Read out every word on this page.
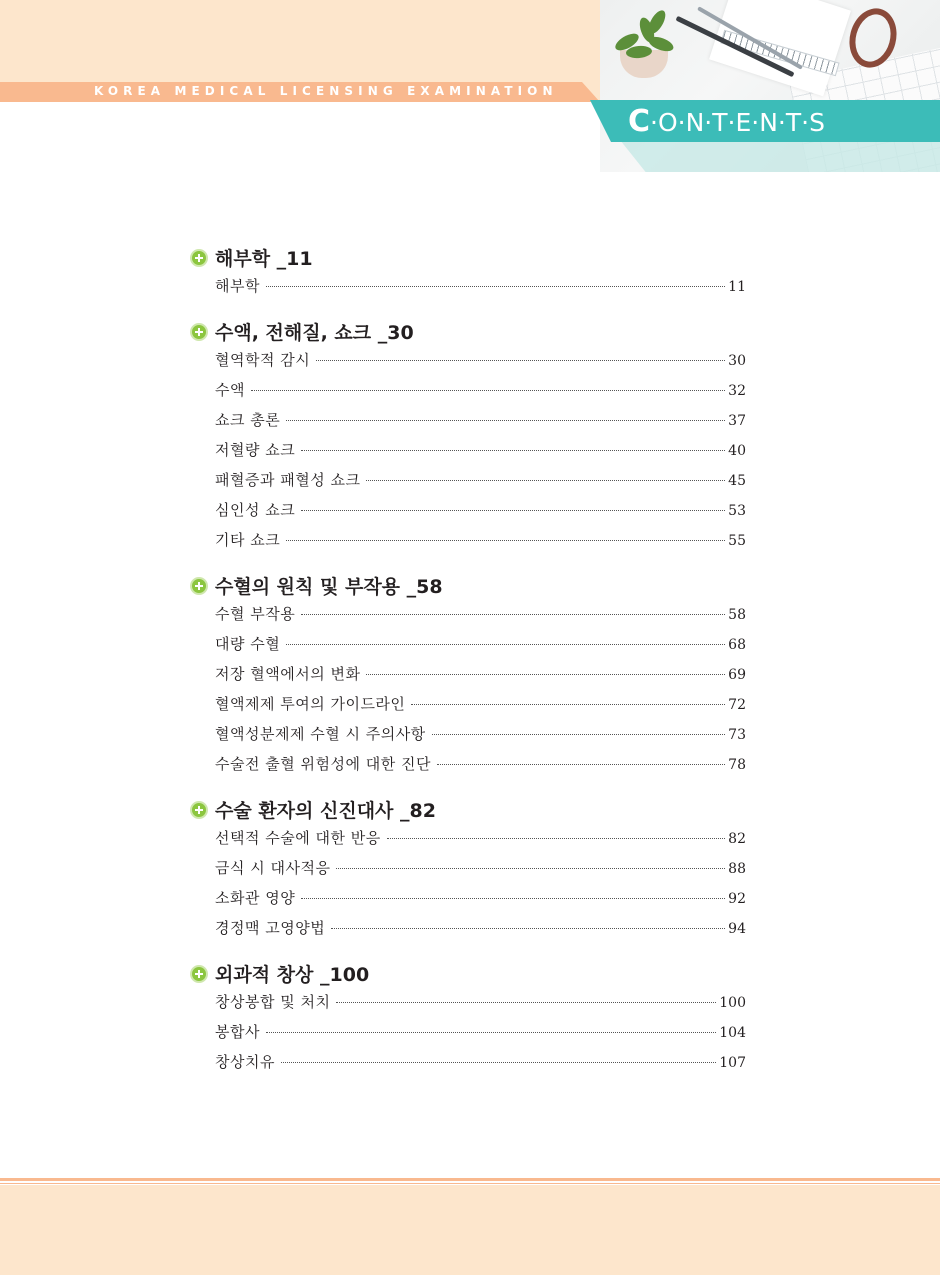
KOREA MEDICAL LICENSING EXAMINATION
C ·O·N·T·E·N·T·S
해부학 _11
해부학	11
수액, 전해질, 쇼크 _30
혈역학적 감시	30
수액	32
쇼크 총론	37
저혈량 쇼크	40
패혈증과 패혈성 쇼크	45
심인성 쇼크	53
기타 쇼크	55
수혈의 원칙 및 부작용 _58
수혈 부작용	58
대량 수혈	68
저장 혈액에서의 변화	69
혈액제제 투여의 가이드라인	72
혈액성분제제 수혈 시 주의사항	73
수술전 출혈 위험성에 대한 진단	78
수술 환자의 신진대사 _82
선택적 수술에 대한 반응	82
금식 시 대사적응	88
소화관 영양	92
경정맥 고영양법	94
외과적 창상 _100
창상봉합 및 처치	100
봉합사	104
창상치유	107
